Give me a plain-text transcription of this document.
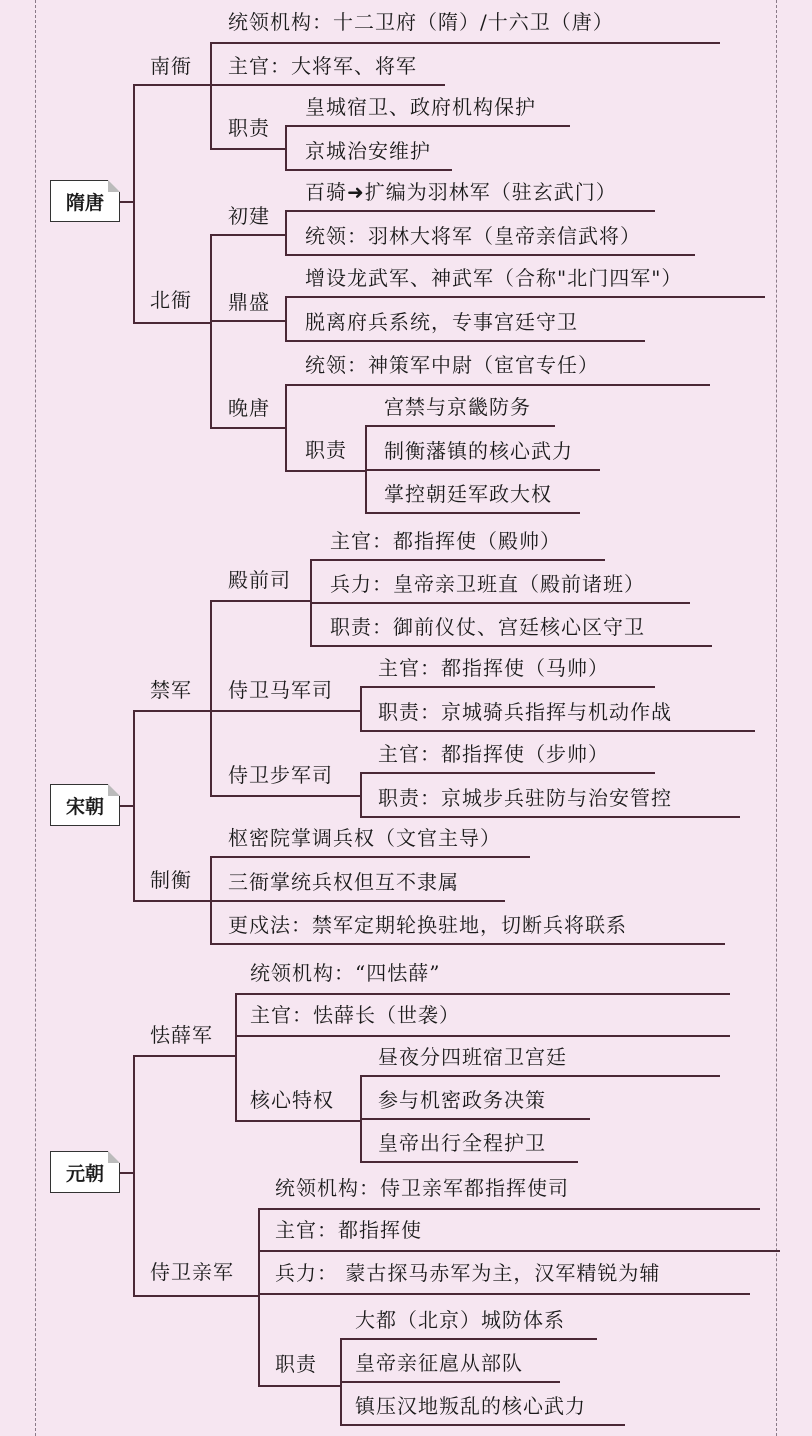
隋唐
南衙
统领机构：十二卫府（隋）/十六卫（唐）
主官：大将军、将军
职责
皇城宿卫、政府机构保护
京城治安维护
北衙
初建
百骑➜扩编为羽林军（驻玄武门）
统领：羽林大将军（皇帝亲信武将）
鼎盛
增设龙武军、神武军（合称"北门四军"）
脱离府兵系统，专事宫廷守卫
晚唐
统领：神策军中尉（宦官专任）
职责
宫禁与京畿防务
制衡藩镇的核心武力
掌控朝廷军政大权
宋朝
禁军
殿前司
主官：都指挥使（殿帅）
兵力：皇帝亲卫班直（殿前诸班）
职责：御前仪仗、宫廷核心区守卫
侍卫马军司
主官：都指挥使（马帅）
职责：京城骑兵指挥与机动作战
侍卫步军司
主官：都指挥使（步帅）
职责：京城步兵驻防与治安管控
制衡
枢密院掌调兵权（文官主导）
三衙掌统兵权但互不隶属
更戍法：禁军定期轮换驻地，切断兵将联系
元朝
怯薛军
统领机构：“四怯薛”
主官：怯薛长（世袭）
核心特权
昼夜分四班宿卫宫廷
参与机密政务决策
皇帝出行全程护卫
侍卫亲军
统领机构：侍卫亲军都指挥使司
主官：都指挥使
兵力： 蒙古探马赤军为主，汉军精锐为辅
职责
大都（北京）城防体系
皇帝亲征扈从部队
镇压汉地叛乱的核心武力
